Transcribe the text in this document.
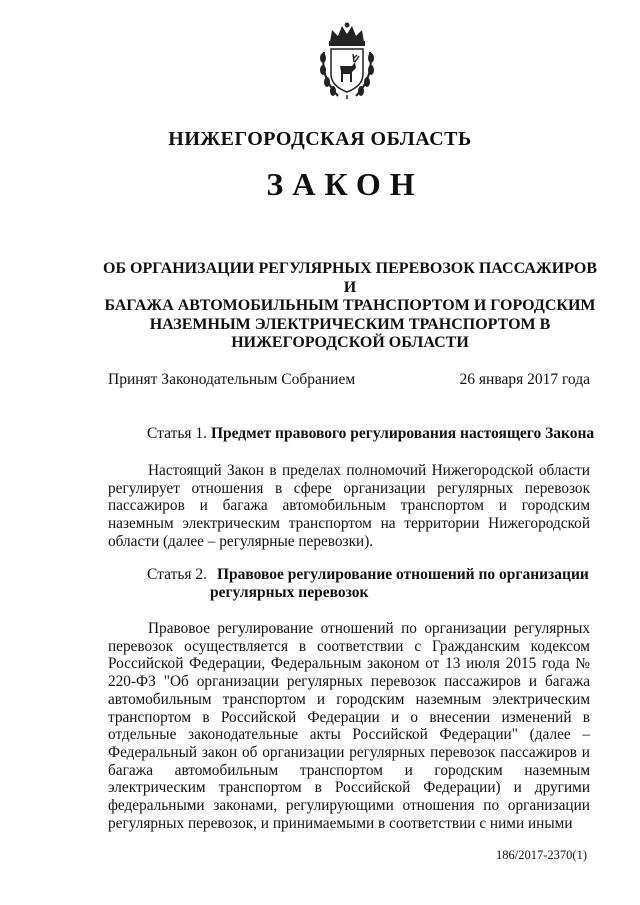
НИЖЕГОРОДСКАЯ ОБЛАСТЬ
ЗАКОН
ОБ ОРГАНИЗАЦИИ РЕГУЛЯРНЫХ ПЕРЕВОЗОК ПАССАЖИРОВ И
БАГАЖА АВТОМОБИЛЬНЫМ ТРАНСПОРТОМ И ГОРОДСКИМ
НАЗЕМНЫМ ЭЛЕКТРИЧЕСКИМ ТРАНСПОРТОМ В
НИЖЕГОРОДСКОЙ ОБЛАСТИ
Принят Законодательным Собранием	26 января 2017 года
Статья 1. Предмет правового регулирования настоящего Закона
Настоящий Закон в пределах полномочий Нижегородской области регулирует отношения в сфере организации регулярных перевозок пассажиров и багажа автомобильным транспортом и городским наземным электрическим транспортом на территории Нижегородской области (далее – регулярные перевозки).
Статья 2. Правовое регулирование отношений по организации
регулярных перевозок
Правовое регулирование отношений по организации регулярных перевозок осуществляется в соответствии с Гражданским кодексом Российской Федерации, Федеральным законом от 13 июля 2015 года № 220-ФЗ "Об организации регулярных перевозок пассажиров и багажа автомобильным транспортом и городским наземным электрическим транспортом в Российской Федерации и о внесении изменений в отдельные законодательные акты Российской Федерации" (далее – Федеральный закон об организации регулярных перевозок пассажиров и багажа автомобильным транспортом и городским наземным электрическим транспортом в Российской Федерации) и другими федеральными законами, регулирующими отношения по организации регулярных перевозок, и принимаемыми в соответствии с ними иными
186/2017-2370(1)
